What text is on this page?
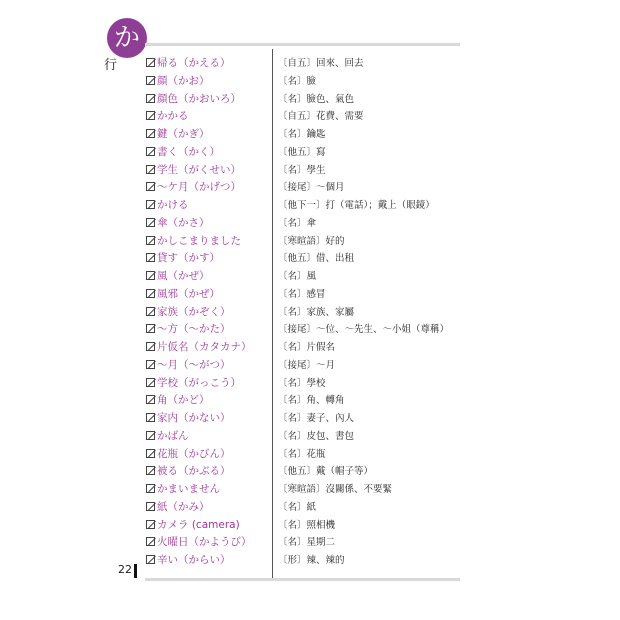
か
行	帰る（かえる）	〔自五〕回來、回去
顔（かお）	〔名〕臉
顔色（かおいろ）	〔名〕臉色、氣色
かかる	〔自五〕花費、需要
鍵（かぎ）	〔名〕鑰匙
書く（かく）	〔他五〕寫
学生（がくせい）	〔名〕學生
～ケ月（かげつ）	〔接尾〕～個月
かける	〔他下一〕打（電話）；戴上（眼鏡）
傘（かさ）	〔名〕傘
かしこまりました	〔寒暄語〕好的
貸す（かす）	〔他五〕借、出租
風（かぜ）	〔名〕風
風邪（かぜ）	〔名〕感冒
家族（かぞく）	〔名〕家族、家屬
～方（～かた）	〔接尾〕～位、～先生、～小姐（尊稱）
片仮名（カタカナ）	〔名〕片假名
～月（～がつ）	〔接尾〕～月
学校（がっこう）	〔名〕學校
角（かど）	〔名〕角、轉角
家内（かない）	〔名〕妻子、內人
かばん	〔名〕皮包、書包
花瓶（かびん）	〔名〕花瓶
被る（かぶる）	〔他五〕戴（帽子等）
かまいません	〔寒暄語〕沒關係、不要緊
紙（かみ）	〔名〕紙
カメラ (camera)	〔名〕照相機
火曜日（かようび）	〔名〕星期二
辛い（からい）	〔形〕辣、辣的
22
